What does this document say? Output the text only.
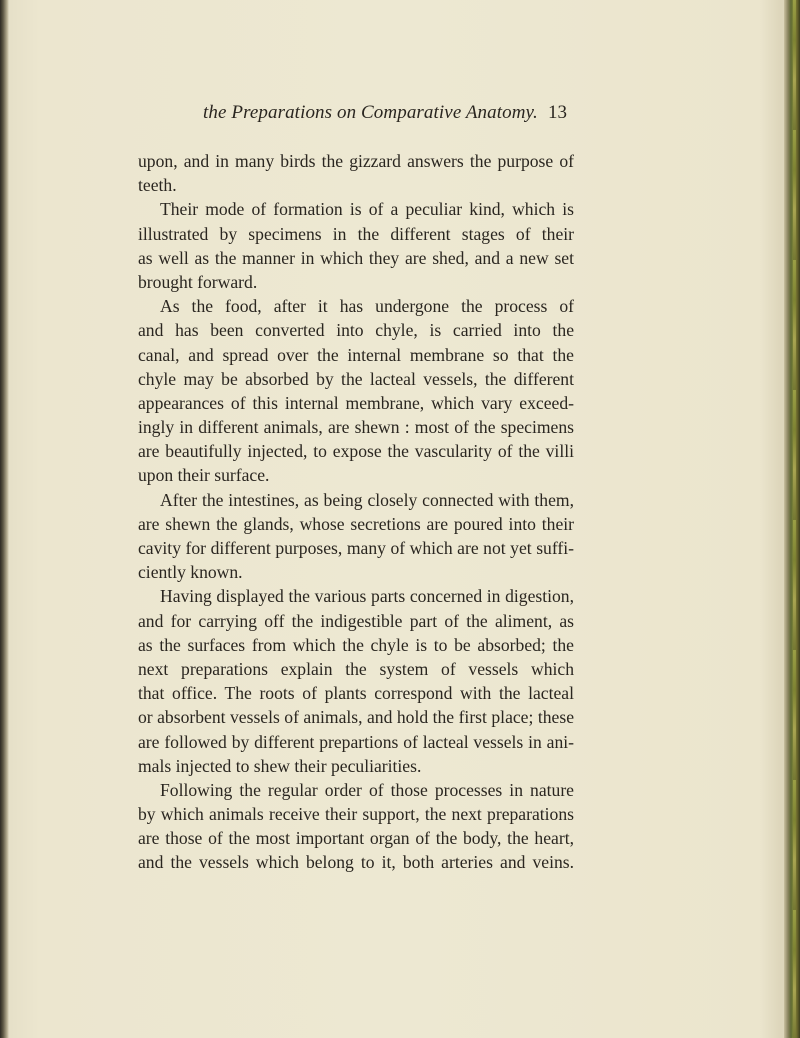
the Preparations on Comparative Anatomy. 13
upon, and in many birds the gizzard answers the purpose of
teeth.
Their mode of formation is of a peculiar kind, which is
illustrated by specimens in the different stages of their
as well as the manner in which they are shed, and a new set
brought forward.
As the food, after it has undergone the process of
and has been converted into chyle, is carried into the
canal, and spread over the internal membrane so that the
chyle may be absorbed by the lacteal vessels, the different
appearances of this internal membrane, which vary exceed-
ingly in different animals, are shewn : most of the specimens
are beautifully injected, to expose the vascularity of the villi
upon their surface.
After the intestines, as being closely connected with them,
are shewn the glands, whose secretions are poured into their
cavity for different purposes, many of which are not yet suffi-
ciently known.
Having displayed the various parts concerned in digestion,
and for carrying off the indigestible part of the aliment, as
as the surfaces from which the chyle is to be absorbed; the
next preparations explain the system of vessels which
that office. The roots of plants correspond with the lacteal
or absorbent vessels of animals, and hold the first place; these
are followed by different prepartions of lacteal vessels in ani-
mals injected to shew their peculiarities.
Following the regular order of those processes in nature
by which animals receive their support, the next preparations
are those of the most important organ of the body, the heart,
and the vessels which belong to it, both arteries and veins.
